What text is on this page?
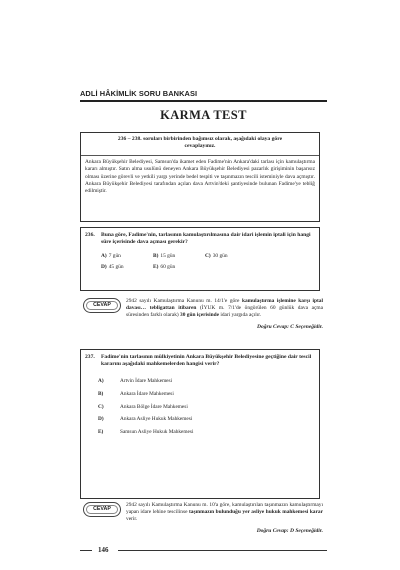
ADLİ HÂKİMLİK SORU BANKASI
KARMA TEST
236 – 238. soruları birbirinden bağımsız olarak, aşağıdaki olaya göre cevaplayınız.
Ankara Büyükşehir Belediyesi, Samsun'da ikamet eden Fadime'nin Ankara'daki tarlası için kamulaştırma kararı almıştır. Satın alma usulünü deneyen Ankara Büyükşehir Belediyesi pazarlık girişiminin başarısız olması üzerine görevli ve yetkili yargı yerinde bedel tespiti ve taşınmazın tescili isteminiyle dava açmıştır. Ankara Büyükşehir Belediyesi tarafından açılan dava Artvin'deki şantiyesinde bulunan Fadime'ye tebliğ edilmiştir.
236.	Buna göre, Fadime'nin, tarlasının kamulaştırılmasına dair idari işlemin iptali için hangi süre içerisinde dava açması gerekir?
A) 7 gün	B) 15 gün	C) 30 gün
D) 45 gün	E) 60 gün
CEVAP
2942 sayılı Kamulaştırma Kanunu m. 14/1'e göre kamulaştırma işlemine karşı iptal davası… tebligattan itibaren (İYUK m. 7/1'de öngörülen 60 günlük dava açma süresinden farklı olarak) 30 gün içerisinde idari yargıda açılır.
Doğru Cevap: C Seçeneğidir.
237.	Fadime'nin tarlasının mülkiyetinin Ankara Büyükşehir Belediyesine geçtiğine dair tescil kararını aşağıdaki mahkemelerden hangisi verir?
A)	Artvin İdare Mahkemesi
B)	Ankara İdare Mahkemesi
C)	Ankara Bölge İdare Mahkemesi
D)	Ankara Asliye Hukuk Mahkemesi
E)	Samsun Asliye Hukuk Mahkemesi
CEVAP
2942 sayılı Kamulaştırma Kanunu m. 10'a göre, kamulaştırılan taşınmazın kamulaştırmayı yapan idare lehine tescilinse taşınmazın bulunduğu yer asliye hukuk mahkemesi karar verir.
Doğru Cevap: D Seçeneğidir.
146
